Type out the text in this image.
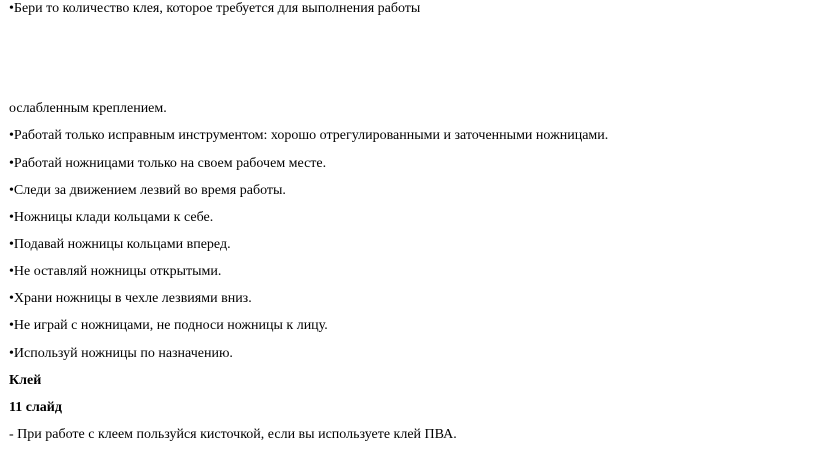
•Бери то количество клея, которое требуется для выполнения работы
ослабленным креплением.
•Работай только исправным инструментом: хорошо отрегулированными и заточенными ножницами.
•Работай ножницами только на своем рабочем месте.
•Следи за движением лезвий во время работы.
•Ножницы клади кольцами к себе.
•Подавай ножницы кольцами вперед.
•Не оставляй ножницы открытыми.
•Храни ножницы в чехле лезвиями вниз.
•Не играй с ножницами, не подноси ножницы к лицу.
•Используй ножницы по назначению.
Клей
11 слайд
- При работе с клеем пользуйся кисточкой, если вы используете клей ПВА.
